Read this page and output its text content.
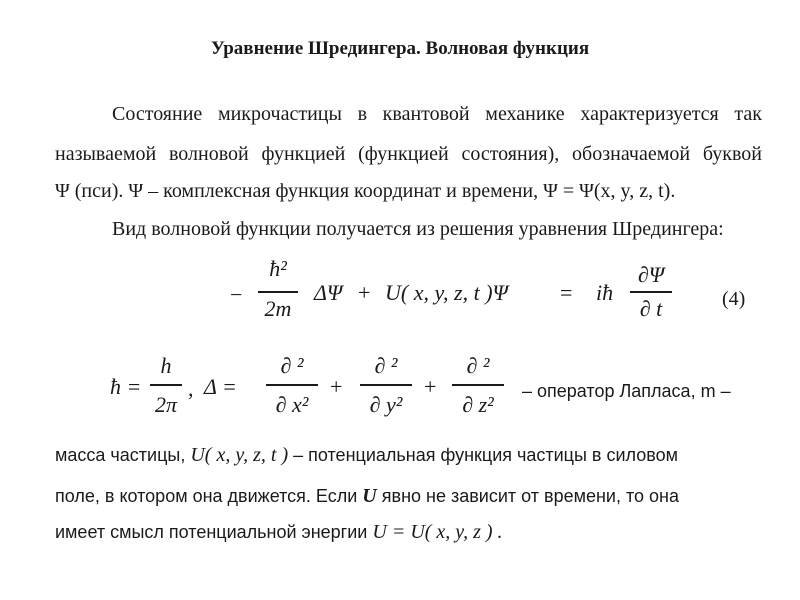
Уравнение Шредингера. Волновая функция
Состояние микрочастицы в квантовой механике характеризуется так
называемой волновой функцией (функцией состояния), обозначаемой буквой
Ψ (пси). Ψ – комплексная функция координат и времени, Ψ = Ψ(x, y, z, t).
Вид волновой функции получается из решения уравнения Шредингера:
−
ħ²
2m
ΔΨ + U( x, y, z, t )Ψ = iħ
∂Ψ
∂ t	(4)
ħ =
h
2π
, Δ =
∂ ²
∂ x²
+
∂ ²
∂ y²
+
∂ ²
∂ z²
– оператор Лапласа, m –
масса частицы, U( x, y, z, t ) – потенциальная функция частицы в силовом
поле, в котором она движется. Если U явно не зависит от времени, то она
имеет смысл потенциальной энергии U = U( x, y, z ) .
